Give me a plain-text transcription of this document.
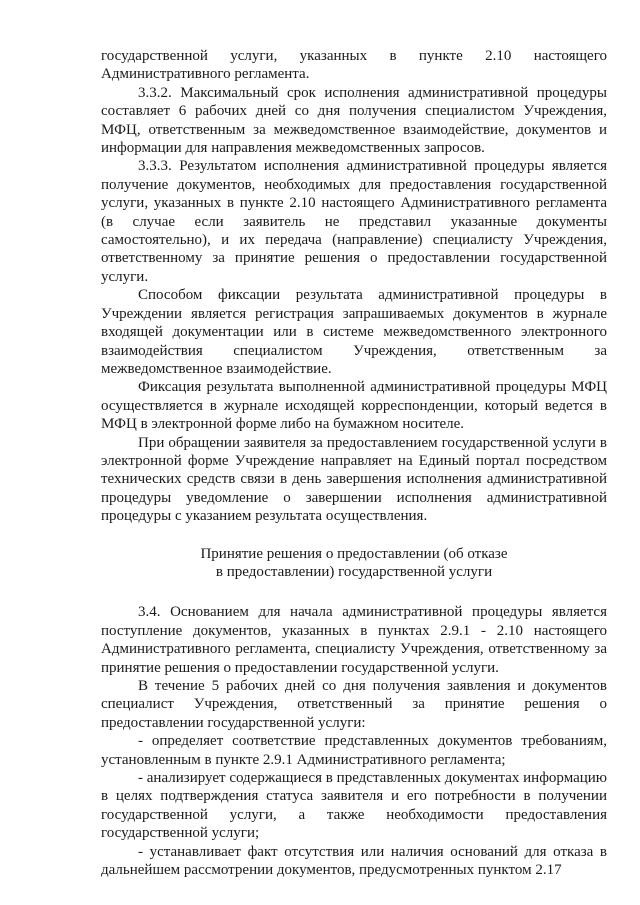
государственной услуги, указанных в пункте 2.10 настоящего Административного регламента.

3.3.2. Максимальный срок исполнения административной процедуры составляет 6 рабочих дней со дня получения специалистом Учреждения, МФЦ, ответственным за межведомственное взаимодействие, документов и информации для направления межведомственных запросов.

3.3.3. Результатом исполнения административной процедуры является получение документов, необходимых для предоставления государственной услуги, указанных в пункте 2.10 настоящего Административного регламента (в случае если заявитель не представил указанные документы самостоятельно), и их передача (направление) специалисту Учреждения, ответственному за принятие решения о предоставлении государственной услуги.

Способом фиксации результата административной процедуры в Учреждении является регистрация запрашиваемых документов в журнале входящей документации или в системе межведомственного электронного взаимодействия специалистом Учреждения, ответственным за межведомственное взаимодействие.

Фиксация результата выполненной административной процедуры МФЦ осуществляется в журнале исходящей корреспонденции, который ведется в МФЦ в электронной форме либо на бумажном носителе.

При обращении заявителя за предоставлением государственной услуги в электронной форме Учреждение направляет на Единый портал посредством технических средств связи в день завершения исполнения административной процедуры уведомление о завершении исполнения административной процедуры с указанием результата осуществления.

Принятие решения о предоставлении (об отказе
в предоставлении) государственной услуги

3.4. Основанием для начала административной процедуры является поступление документов, указанных в пунктах 2.9.1 - 2.10 настоящего Административного регламента, специалисту Учреждения, ответственному за принятие решения о предоставлении государственной услуги.

В течение 5 рабочих дней со дня получения заявления и документов специалист Учреждения, ответственный за принятие решения о предоставлении государственной услуги:

- определяет соответствие представленных документов требованиям, установленным в пункте 2.9.1 Административного регламента;

- анализирует содержащиеся в представленных документах информацию в целях подтверждения статуса заявителя и его потребности в получении государственной услуги, а также необходимости предоставления государственной услуги;

- устанавливает факт отсутствия или наличия оснований для отказа в дальнейшем рассмотрении документов, предусмотренных пунктом 2.17
